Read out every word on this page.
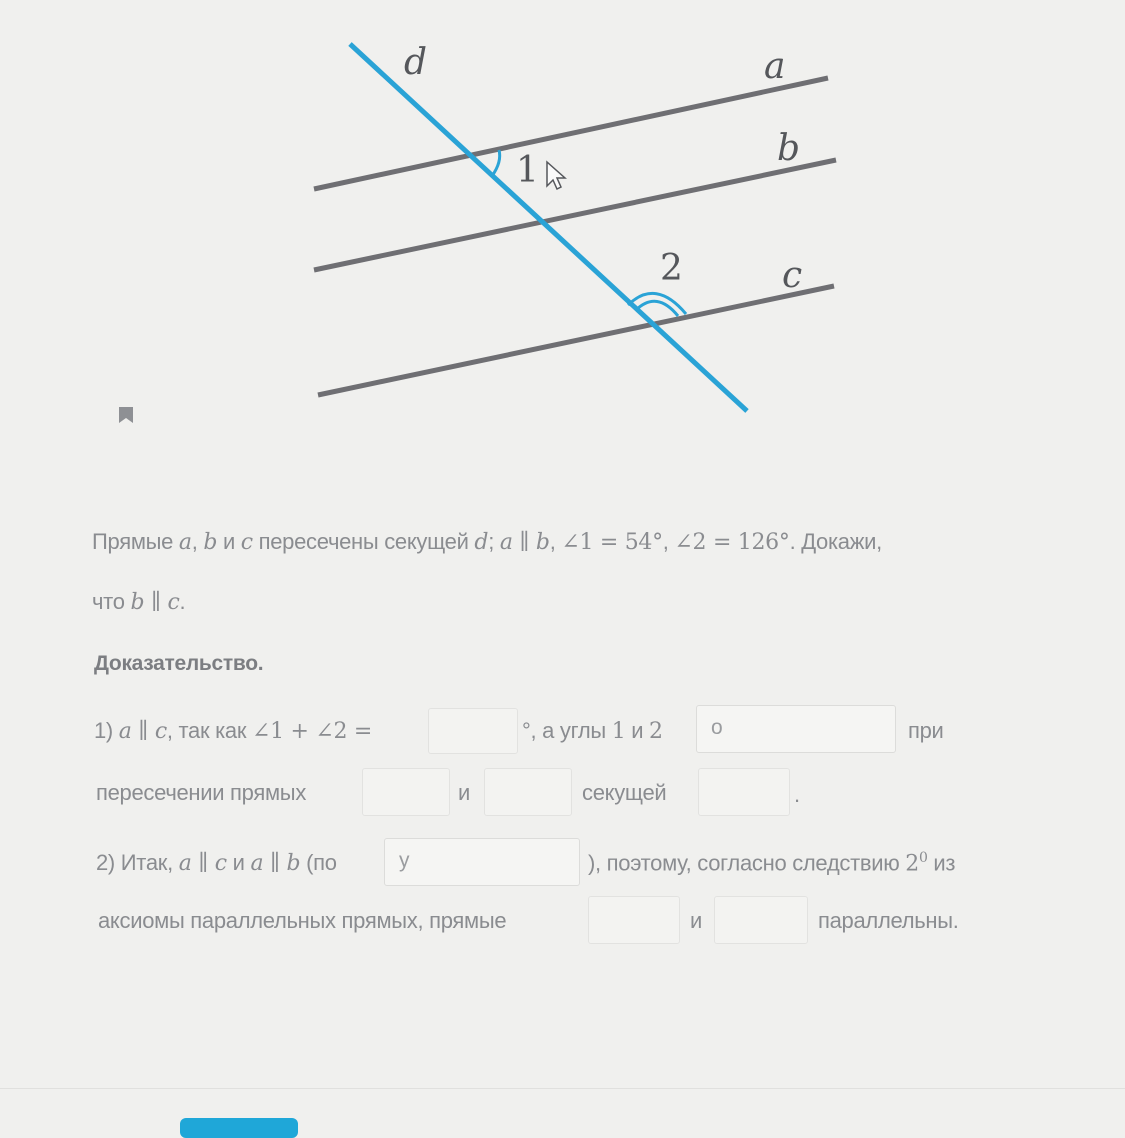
d	a
b
c
1
2
Прямые a, b и c пересечены секущей d; a ∥ b, ∠1 = 54°, ∠2 = 126°. Докажи,
что b ∥ c.
Доказательство.
1) a ∥ c, так как ∠1 + ∠2 =	°, а углы 1 и 2	о	при
пересечении прямых	и	секущей	.
2) Итак, a ∥ c и a ∥ b (по	у	), поэтому, согласно следствию $2^0$ из
аксиомы параллельных прямых, прямые	и	параллельны.
